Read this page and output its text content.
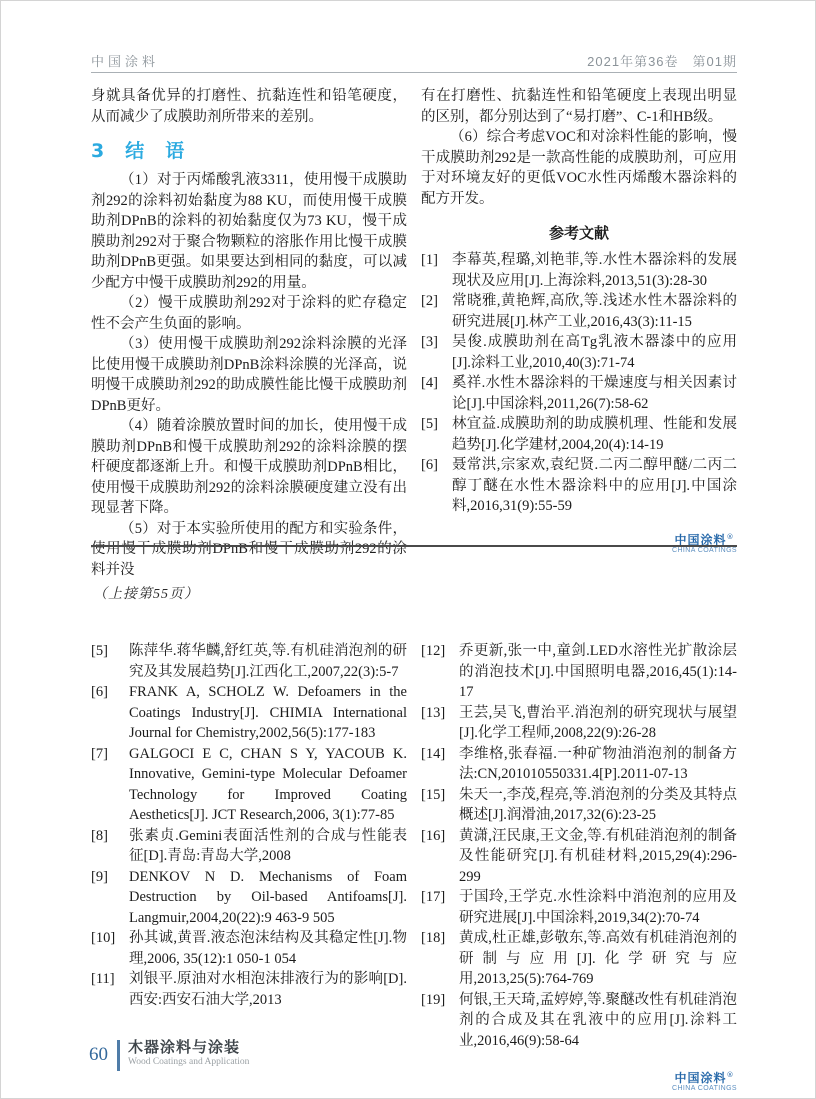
中国涂料	2021年第36卷　第01期

身就具备优异的打磨性、抗黏连性和铅笔硬度，从而减少了成膜助剂所带来的差别。

3　结　语

（1）对于丙烯酸乳液3311，使用慢干成膜助剂292的涂料初始黏度为88 KU，而使用慢干成膜助剂DPnB的涂料的初始黏度仅为73 KU，慢干成膜助剂292对于聚合物颗粒的溶胀作用比慢干成膜助剂DPnB更强。如果要达到相同的黏度，可以减少配方中慢干成膜助剂292的用量。

（2）慢干成膜助剂292对于涂料的贮存稳定性不会产生负面的影响。

（3）使用慢干成膜助剂292涂料涂膜的光泽比使用慢干成膜助剂DPnB涂料涂膜的光泽高，说明慢干成膜助剂292的助成膜性能比慢干成膜助剂DPnB更好。

（4）随着涂膜放置时间的加长，使用慢干成膜助剂DPnB和慢干成膜助剂292的涂料涂膜的摆杆硬度都逐渐上升。和慢干成膜助剂DPnB相比，使用慢干成膜助剂292的涂料涂膜硬度建立没有出现显著下降。

（5）对于本实验所使用的配方和实验条件，使用慢干成膜助剂DPnB和慢干成膜助剂292的涂料并没

有在打磨性、抗黏连性和铅笔硬度上表现出明显的区别，都分别达到了“易打磨”、C-1和HB级。

（6）综合考虑VOC和对涂料性能的影响，慢干成膜助剂292是一款高性能的成膜助剂，可应用于对环境友好的更低VOC水性丙烯酸木器涂料的配方开发。

参考文献
[1] 李幕英,程璐,刘艳菲,等.水性木器涂料的发展现状及应用[J].上海涂料,2013,51(3):28-30
[2] 常晓雅,黄艳辉,高欣,等.浅述水性木器涂料的研究进展[J].林产工业,2016,43(3):11-15
[3] 吴俊.成膜助剂在高Tg乳液木器漆中的应用[J].涂料工业,2010,40(3):71-74
[4] 奚祥.水性木器涂料的干燥速度与相关因素讨论[J].中国涂料,2011,26(7):58-62
[5] 林宜益.成膜助剂的助成膜机理、性能和发展趋势[J].化学建材,2004,20(4):14-19
[6] 聂常洪,宗家欢,袁纪贤.二丙二醇甲醚/二丙二醇丁醚在水性木器涂料中的应用[J].中国涂料,2016,31(9):55-59
中国涂料®
CHINA COATINGS

（上接第55页）

[5]	陈萍华.蒋华麟,舒红英,等.有机硅消泡剂的研究及其发展趋势[J].江西化工,2007,22(3):5-7
[6]	FRANK A, SCHOLZ W. Defoamers in the Coatings Industry[J]. CHIMIA International Journal for Chemistry,2002,56(5):177-183
[7]	GALGOCI E C, CHAN S Y, YACOUB K. Innovative, Gemini-type Molecular Defoamer Technology for Improved Coating Aesthetics[J]. JCT Research,2006, 3(1):77-85
[8]	张素贞.Gemini表面活性剂的合成与性能表征[D].青岛:青岛大学,2008
[9]	DENKOV N D. Mechanisms of Foam Destruction by Oil-based Antifoams[J]. Langmuir,2004,20(22):9 463-9 505
[10] 孙其诚,黄晋.液态泡沫结构及其稳定性[J].物理,2006, 35(12):1 050-1 054
[11] 刘银平.原油对水相泡沫排液行为的影响[D].西安:西安石油大学,2013
[12] 乔更新,张一中,童剑.LED水溶性光扩散涂层的消泡技术[J].中国照明电器,2016,45(1):14-17
[13] 王芸,吴飞,曹治平.消泡剂的研究现状与展望[J].化学工程师,2008,22(9):26-28
[14] 李维格,张春福.一种矿物油消泡剂的制备方法:CN,201010550331.4[P].2011-07-13
[15] 朱天一,李茂,程亮,等.消泡剂的分类及其特点概述[J].润滑油,2017,32(6):23-25
[16] 黄潇,汪民康,王文金,等.有机硅消泡剂的制备及性能研究[J].有机硅材料,2015,29(4):296-299
[17] 于国玲,王学克.水性涂料中消泡剂的应用及研究进展[J].中国涂料,2019,34(2):70-74
[18] 黄成,杜正雄,彭敬东,等.高效有机硅消泡剂的研制与应用[J].化学研究与应用,2013,25(5):764-769
[19] 何银,王天琦,孟婷婷,等.聚醚改性有机硅消泡剂的合成及其在乳液中的应用[J].涂料工业,2016,46(9):58-64
中国涂料®
CHINA COATINGS
60 木器涂料与涂装
Wood Coatings and Application
